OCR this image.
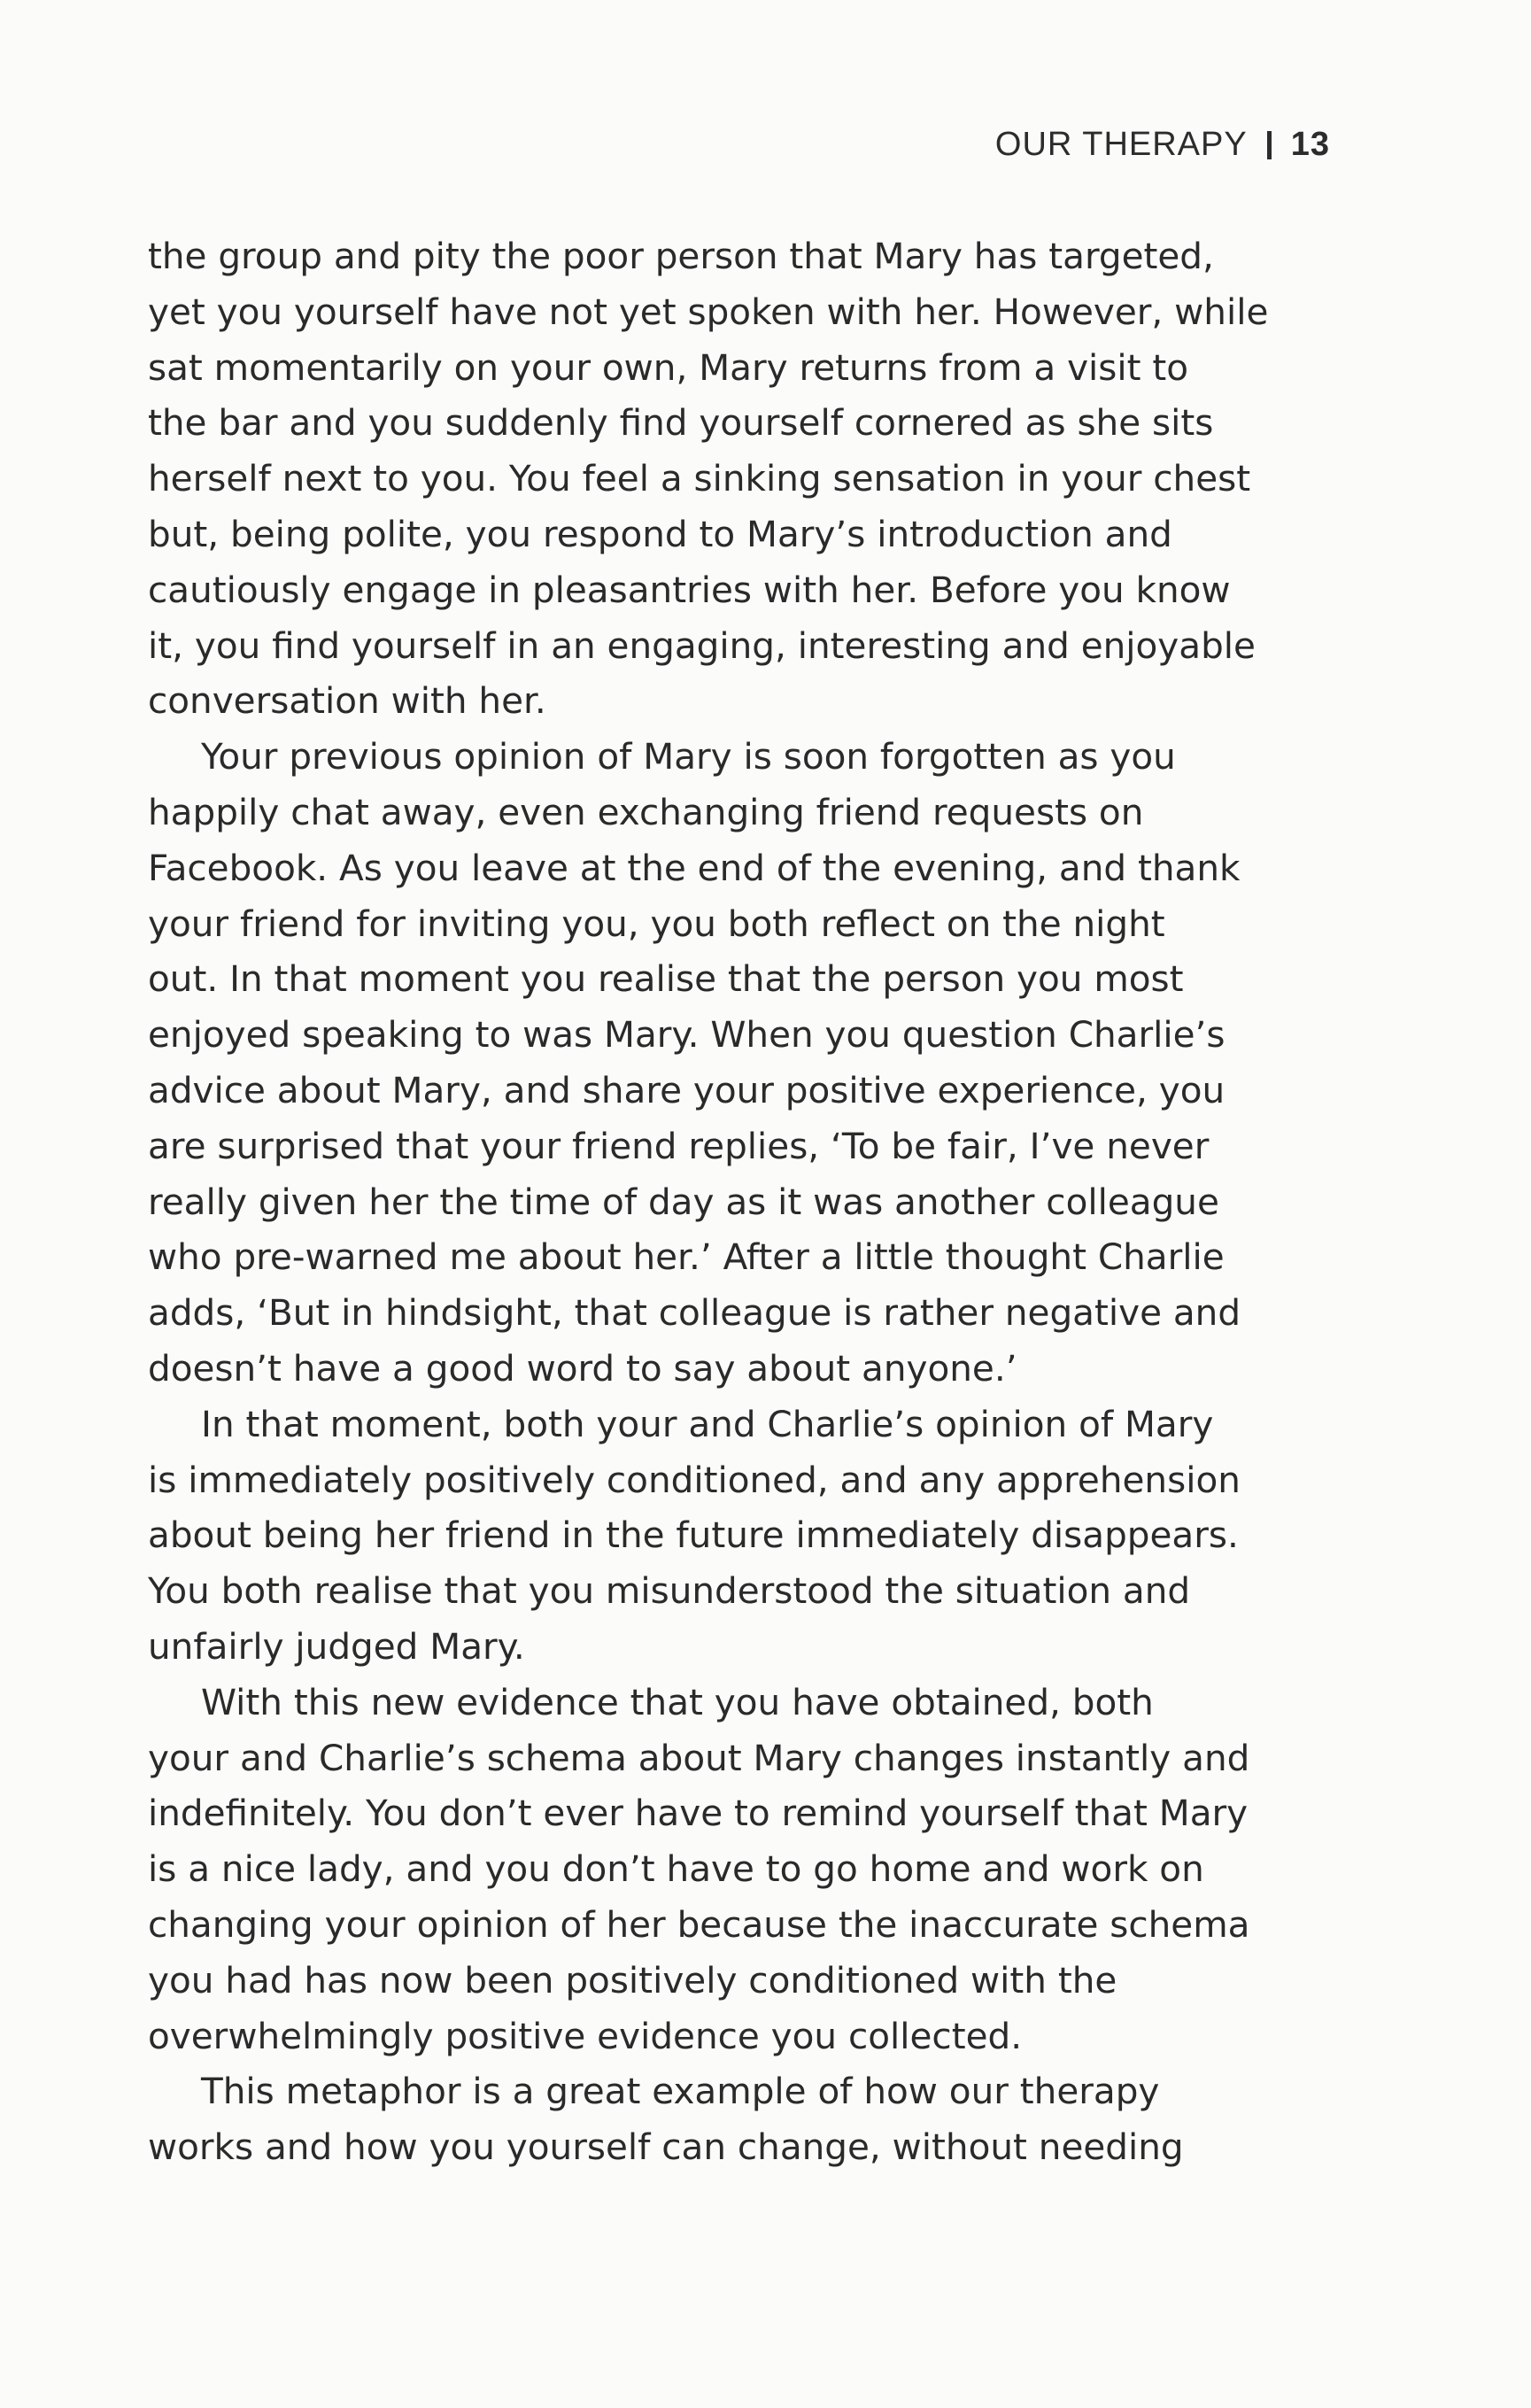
OUR THERAPY 13
the group and pity the poor person that Mary has targeted,
yet you yourself have not yet spoken with her. However, while
sat momentarily on your own, Mary returns from a visit to
the bar and you suddenly find yourself cornered as she sits
herself next to you. You feel a sinking sensation in your chest
but, being polite, you respond to Mary’s introduction and
cautiously engage in pleasantries with her. Before you know
it, you find yourself in an engaging, interesting and enjoyable
conversation with her.
Your previous opinion of Mary is soon forgotten as you
happily chat away, even exchanging friend requests on
Facebook. As you leave at the end of the evening, and thank
your friend for inviting you, you both reflect on the night
out. In that moment you realise that the person you most
enjoyed speaking to was Mary. When you question Charlie’s
advice about Mary, and share your positive experience, you
are surprised that your friend replies, ‘To be fair, I’ve never
really given her the time of day as it was another colleague
who pre-warned me about her.’ After a little thought Charlie
adds, ‘But in hindsight, that colleague is rather negative and
doesn’t have a good word to say about anyone.’
In that moment, both your and Charlie’s opinion of Mary
is immediately positively conditioned, and any apprehension
about being her friend in the future immediately disappears.
You both realise that you misunderstood the situation and
unfairly judged Mary.
With this new evidence that you have obtained, both
your and Charlie’s schema about Mary changes instantly and
indefinitely. You don’t ever have to remind yourself that Mary
is a nice lady, and you don’t have to go home and work on
changing your opinion of her because the inaccurate schema
you had has now been positively conditioned with the
overwhelmingly positive evidence you collected.
This metaphor is a great example of how our therapy
works and how you yourself can change, without needing
